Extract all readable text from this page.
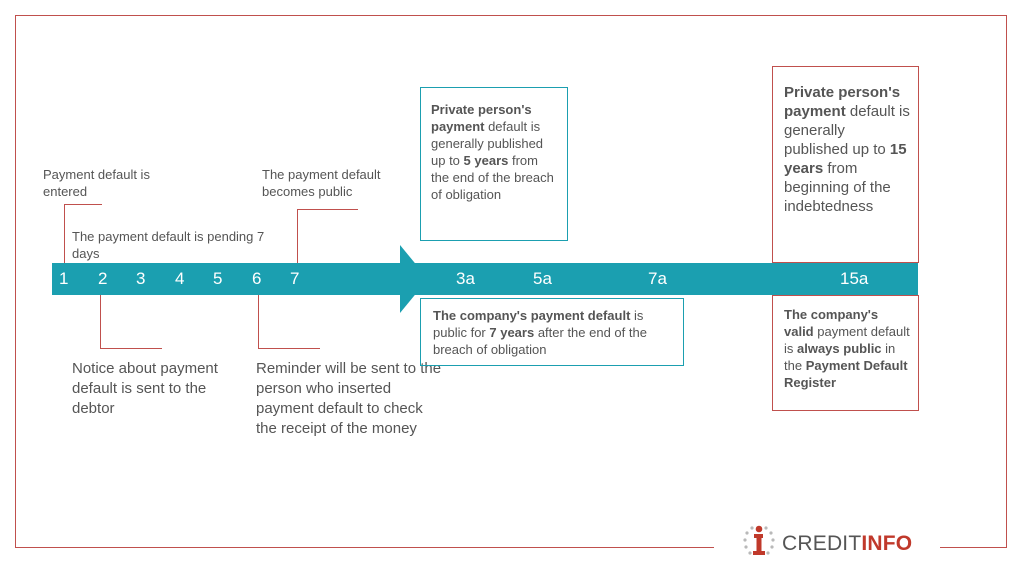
1 2 3 4 5 6 7	3a	5a	7a	15a
Payment default is entered
The payment default is pending 7 days
The payment default becomes public
Notice about payment default is sent to the debtor
Reminder will be sent to the person who inserted payment default to check the receipt of the money
Private person's payment default is generally published up to 5 years from the end of the breach of obligation
The company's payment default is public for 7 years after the end of the breach of obligation
Private person's payment default is generally published up to 15 years from beginning of the indebtedness
The company's valid payment default is always public in the Payment Default Register
CREDITINFO
